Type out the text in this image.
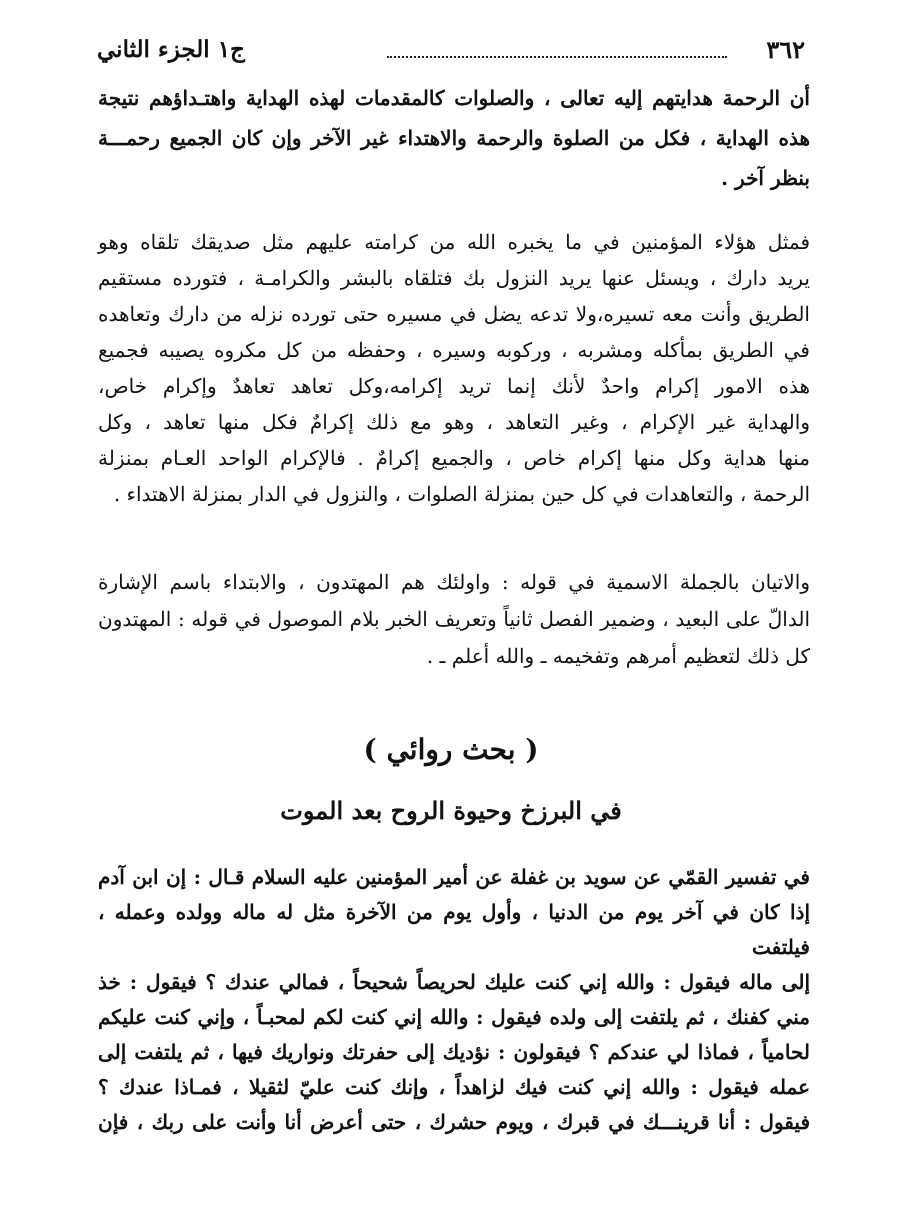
٣٦٢
ج١ الجزء الثاني
أن الرحمة هدايتهم إليه تعالى ، والصلوات كالمقدمات لهذه الهداية واهتـداؤهم نتيجة
هذه الهداية ، فكل من الصلوة والرحمة والاهتداء غير الآخر وإن كان الجميع رحمـــة
بنظر آخر .
فمثل هؤلاء المؤمنين في ما يخبره الله من كرامته عليهم مثل صديقك تلقاه وهو
يريد دارك ، ويسئل عنها يريد النزول بك فتلقاه بالبشر والكرامـة ، فتورده مستقيم
الطريق وأنت معه تسيره،ولا تدعه يضل في مسيره حتى تورده نزله من دارك وتعاهده
في الطريق بمأكله ومشربه ، وركوبه وسيره ، وحفظه من كل مكروه يصيبه فجميع
هذه الامور إكرام واحدٌ لأنك إنما تريد إكرامه،وكل تعاهد تعاهدٌ وإكرام خاص،
والهداية غير الإكرام ، وغير التعاهد ، وهو مع ذلك إكرامٌ فكل منها تعاهد ، وكل
منها هداية وكل منها إكرام خاص ، والجميع إكرامٌ . فالإكرام الواحد العـام بمنزلة
الرحمة ، والتعاهدات في كل حين بمنزلة الصلوات ، والنزول في الدار بمنزلة الاهتداء .
والاتيان بالجملة الاسمية في قوله : واولئك هم المهتدون ، والابتداء باسم الإشارة
الدالّ على البعيد ، وضمير الفصل ثانياً وتعريف الخبر بلام الموصول في قوله : المهتدون
كل ذلك لتعظيم أمرهم وتفخيمه ـ والله أعلم ـ .
( بحث روائي )
في البرزخ وحيوة الروح بعد الموت
في تفسير القمّي عن سويد بن غفلة عن أمير المؤمنين عليه السلام قـال : إن ابن آدم
إذا كان في آخر يوم من الدنيا ، وأول يوم من الآخرة مثل له ماله وولده وعمله ، فيلتفت
إلى ماله فيقول : والله إني كنت عليك لحريصاً شحيحاً ، فمالي عندك ؟ فيقول : خذ
مني كفنك ، ثم يلتفت إلى ولده فيقول : والله إني كنت لكم لمحبـاً ، وإني كنت عليكم
لحامياً ، فماذا لي عندكم ؟ فيقولون : نؤديك إلى حفرتك ونواريك فيها ، ثم يلتفت إلى
عمله فيقول : والله إني كنت فيك لزاهداً ، وإنك كنت عليّ لثقيلا ، فمـاذا عندك ؟
فيقول : أنا قرينـــك في قبرك ، ويوم حشرك ، حتى أعرض أنا وأنت على ربك ، فإن
